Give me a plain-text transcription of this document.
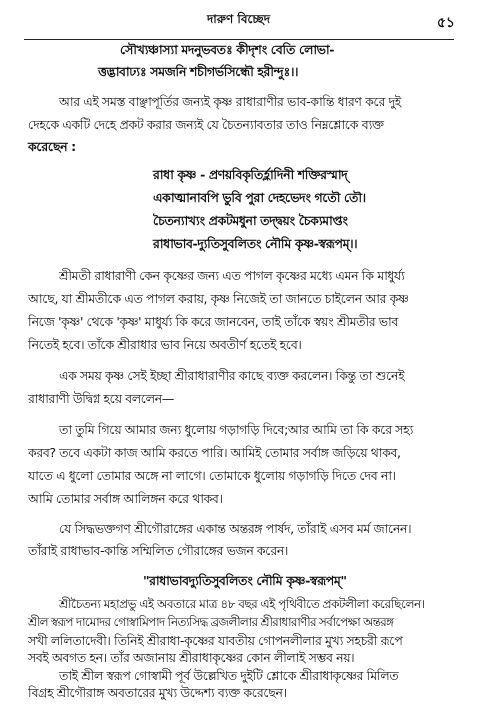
দারুণ বিচ্ছেদ	৫১
সৌখ্যঞ্চাস্যা মদনুভবতঃ কীদৃশং বেতি লোভা-
ত্তদ্ভাবাঢ্যঃ সমজনি শচীগর্ভসিন্ধৌ হরীন্দুঃ।।
আর এই সমস্ত বাঞ্ছাপূর্তির জন্যই কৃষ্ণ রাধারাণীর ভাব-কান্তি ধারণ করে দুই
দেহকে একটি দেহে প্রকট করার জন্যই যে চৈতন্যাবতার তাও নিম্নশ্লোকে ব্যক্ত
করেছেন :
রাধা কৃষ্ণ - প্রণয়বিকৃতির্হ্লাদিনী শক্তিরস্মাদ্
একাত্মানাবপি ভুবি পুরা দেহভেদং গতৌ তৌ।
চৈতন্যাখ্যং প্রকটমধুনা তদ্দ্বয়ং চৈক্যমাপ্তং
রাধাভাব-দ্যুতিসুবলিতং নৌমি কৃষ্ণ-স্বরূপম্।।
শ্রীমতী রাধারাণী কেন কৃষ্ণের জন্য এত পাগল কৃষ্ণের মধ্যে এমন কি মাধুর্য্য
আছে, যা শ্রীমতীকে এত পাগল করায়, কৃষ্ণ নিজেই তা জানতে চাইলেন আর কৃষ্ণ
নিজে 'কৃষ্ণ' থেকে 'কৃষ্ণ' মাধুর্য্য কি করে জানবেন, তাই তাঁকে স্বয়ং শ্রীমতীর ভাব
নিতেই হবে। তাঁকে শ্রীরাধার ভাব নিয়ে অবতীর্ণ হতেই হবে।
এক সময় কৃষ্ণ সেই ইচ্ছা শ্রীরাধারাণীর কাছে ব্যক্ত করলেন। কিন্তু তা শুনেই
রাধারাণী উদ্বিগ্ন হয়ে বললেন—
তা তুমি গিয়ে আমার জন্য ধুলোয় গড়াগড়ি দিবে;আর আমি তা কি করে সহ্য
করব? তবে একটা কাজ আমি করতে পারি। আমিই তোমার সর্বাঙ্গ জড়িয়ে থাকব,
যাতে এ ধুলো তোমার অঙ্গে না লাগে। তোমাকে ধুলোয় গড়াগড়ি দিতে দেব না।
আমি তোমার সর্বাঙ্গ আলিঙ্গন করে থাকব।
যে সিদ্ধভক্তগণ শ্রীগৌরাঙ্গের একান্ত অন্তরঙ্গ পার্ষদ, তাঁরাই এসব মর্ম জানেন।
তাঁরাই রাধাভাব-কান্তি সম্মিলিত গৌরাঙ্গের ভজন করেন।
"রাধাভাবদ্যুতিসুবলিতং নৌমি কৃষ্ণ-স্বরূপম্"
শ্রীচৈতন্য মহাপ্রভু এই অবতারে মাত্র ৪৮ বছর এই পৃথিবীতে প্রকটলীলা করেছিলেন।
শ্রীল স্বরূপ দামোদর গোস্বামিপাদ নিত্যসিদ্ধ ব্রজলীলার শ্রীরাধারাণীর সর্বাপেক্ষা অন্তরঙ্গ
সখী ললিতাদেবী। তিনিই শ্রীরাধা-কৃষ্ণের যাবতীয় গোপনলীলার মুখ্য সহচরী রূপে
সবই অবগত হন। তাঁর অজানায় শ্রীরাধাকৃষ্ণের কোন লীলাই সম্ভব নয়।
তাই শ্রীল স্বরূপ গোস্বামী পূর্ব উল্লেখিত দুইটি শ্লোকে শ্রীরাধাকৃষ্ণের মিলিত
বিগ্রহ শ্রীগৌরাঙ্গ অবতারের মুখ্য উদ্দেশ্য ব্যক্ত করেছেন।
